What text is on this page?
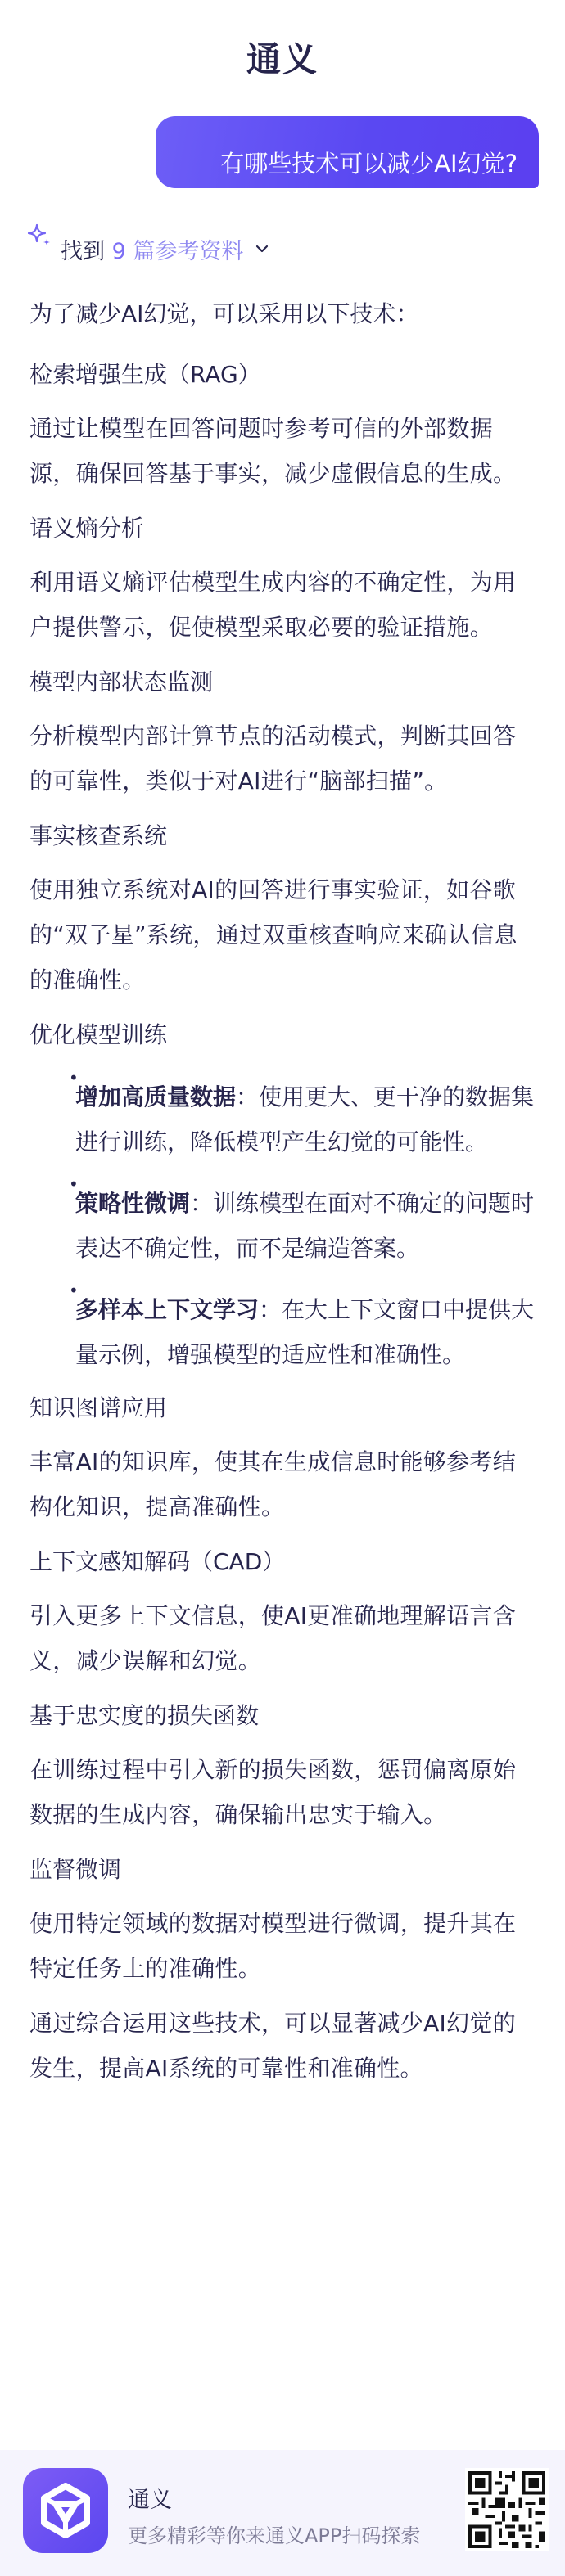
通义
有哪些技术可以减少AI幻觉?
找到 9 篇参考资料

为了减少AI幻觉，可以采用以下技术：

检索增强生成（RAG）

通过让模型在回答问题时参考可信的外部数据源，确保回答基于事实，减少虚假信息的生成。

语义熵分析

利用语义熵评估模型生成内容的不确定性，为用户提供警示，促使模型采取必要的验证措施。

模型内部状态监测

分析模型内部计算节点的活动模式，判断其回答的可靠性，类似于对AI进行“脑部扫描”。

事实核查系统

使用独立系统对AI的回答进行事实验证，如谷歌的“双子星”系统，通过双重核查响应来确认信息的准确性。

优化模型训练

•
增加高质量数据：使用更大、更干净的数据集进行训练，降低模型产生幻觉的可能性。
•
策略性微调：训练模型在面对不确定的问题时表达不确定性，而不是编造答案。
•
多样本上下文学习：在大上下文窗口中提供大量示例，增强模型的适应性和准确性。

知识图谱应用

丰富AI的知识库，使其在生成信息时能够参考结构化知识，提高准确性。

上下文感知解码（CAD）

引入更多上下文信息，使AI更准确地理解语言含义，减少误解和幻觉。

基于忠实度的损失函数

在训练过程中引入新的损失函数，惩罚偏离原始数据的生成内容，确保输出忠实于输入。

监督微调

使用特定领域的数据对模型进行微调，提升其在特定任务上的准确性。

通过综合运用这些技术，可以显著减少AI幻觉的发生，提高AI系统的可靠性和准确性。

通义
更多精彩等你来通义APP扫码探索
